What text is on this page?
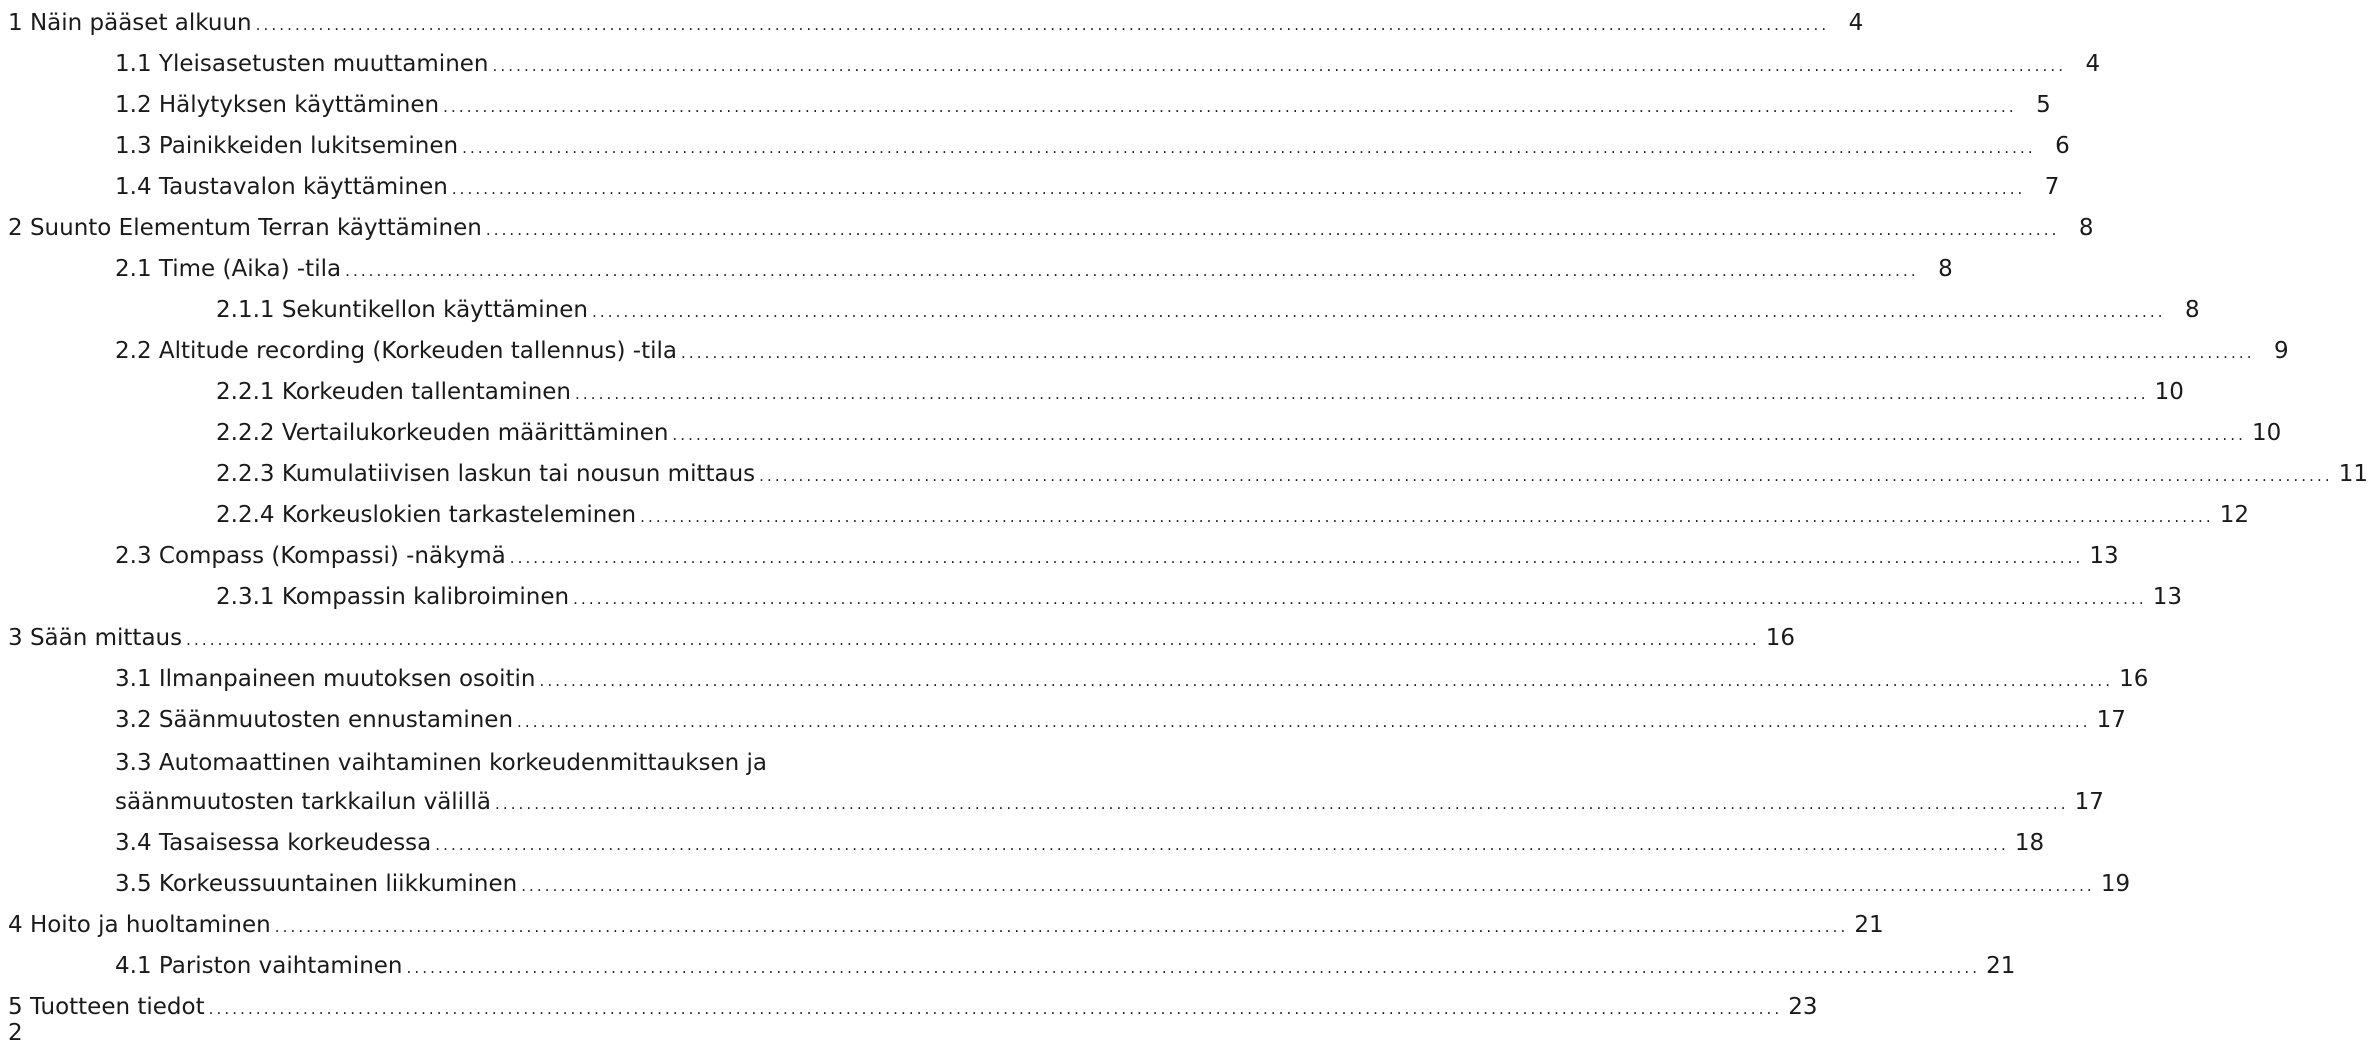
1 Näin pääset alkuun ........................................................................................................................................................................................................ 4
1.1 Yleisasetusten muuttaminen ........................................................................................................................................................................................................ 4
1.2 Hälytyksen käyttäminen ........................................................................................................................................................................................................ 5
1.3 Painikkeiden lukitseminen ........................................................................................................................................................................................................ 6
1.4 Taustavalon käyttäminen ........................................................................................................................................................................................................ 7
2 Suunto Elementum Terran käyttäminen ........................................................................................................................................................................................................ 8
2.1 Time (Aika) -tila ........................................................................................................................................................................................................ 8
2.1.1 Sekuntikellon käyttäminen ........................................................................................................................................................................................................ 8
2.2 Altitude recording (Korkeuden tallennus) -tila ........................................................................................................................................................................................................ 9
2.2.1 Korkeuden tallentaminen ........................................................................................................................................................................................................ 10
2.2.2 Vertailukorkeuden määrittäminen ........................................................................................................................................................................................................ 10
2.2.3 Kumulatiivisen laskun tai nousun mittaus ........................................................................................................................................................................................................ 11
2.2.4 Korkeuslokien tarkasteleminen ........................................................................................................................................................................................................ 12
2.3 Compass (Kompassi) -näkymä ........................................................................................................................................................................................................ 13
2.3.1 Kompassin kalibroiminen ........................................................................................................................................................................................................ 13
3 Sään mittaus ........................................................................................................................................................................................................ 16
3.1 Ilmanpaineen muutoksen osoitin ........................................................................................................................................................................................................ 16
3.2 Säänmuutosten ennustaminen ........................................................................................................................................................................................................ 17
3.3 Automaattinen vaihtaminen korkeudenmittauksen ja
säänmuutosten tarkkailun välillä ........................................................................................................................................................................................................ 17
3.4 Tasaisessa korkeudessa ........................................................................................................................................................................................................ 18
3.5 Korkeussuuntainen liikkuminen ........................................................................................................................................................................................................ 19
4 Hoito ja huoltaminen ........................................................................................................................................................................................................ 21
4.1 Pariston vaihtaminen ........................................................................................................................................................................................................ 21
5 Tuotteen tiedot ........................................................................................................................................................................................................ 23
2
